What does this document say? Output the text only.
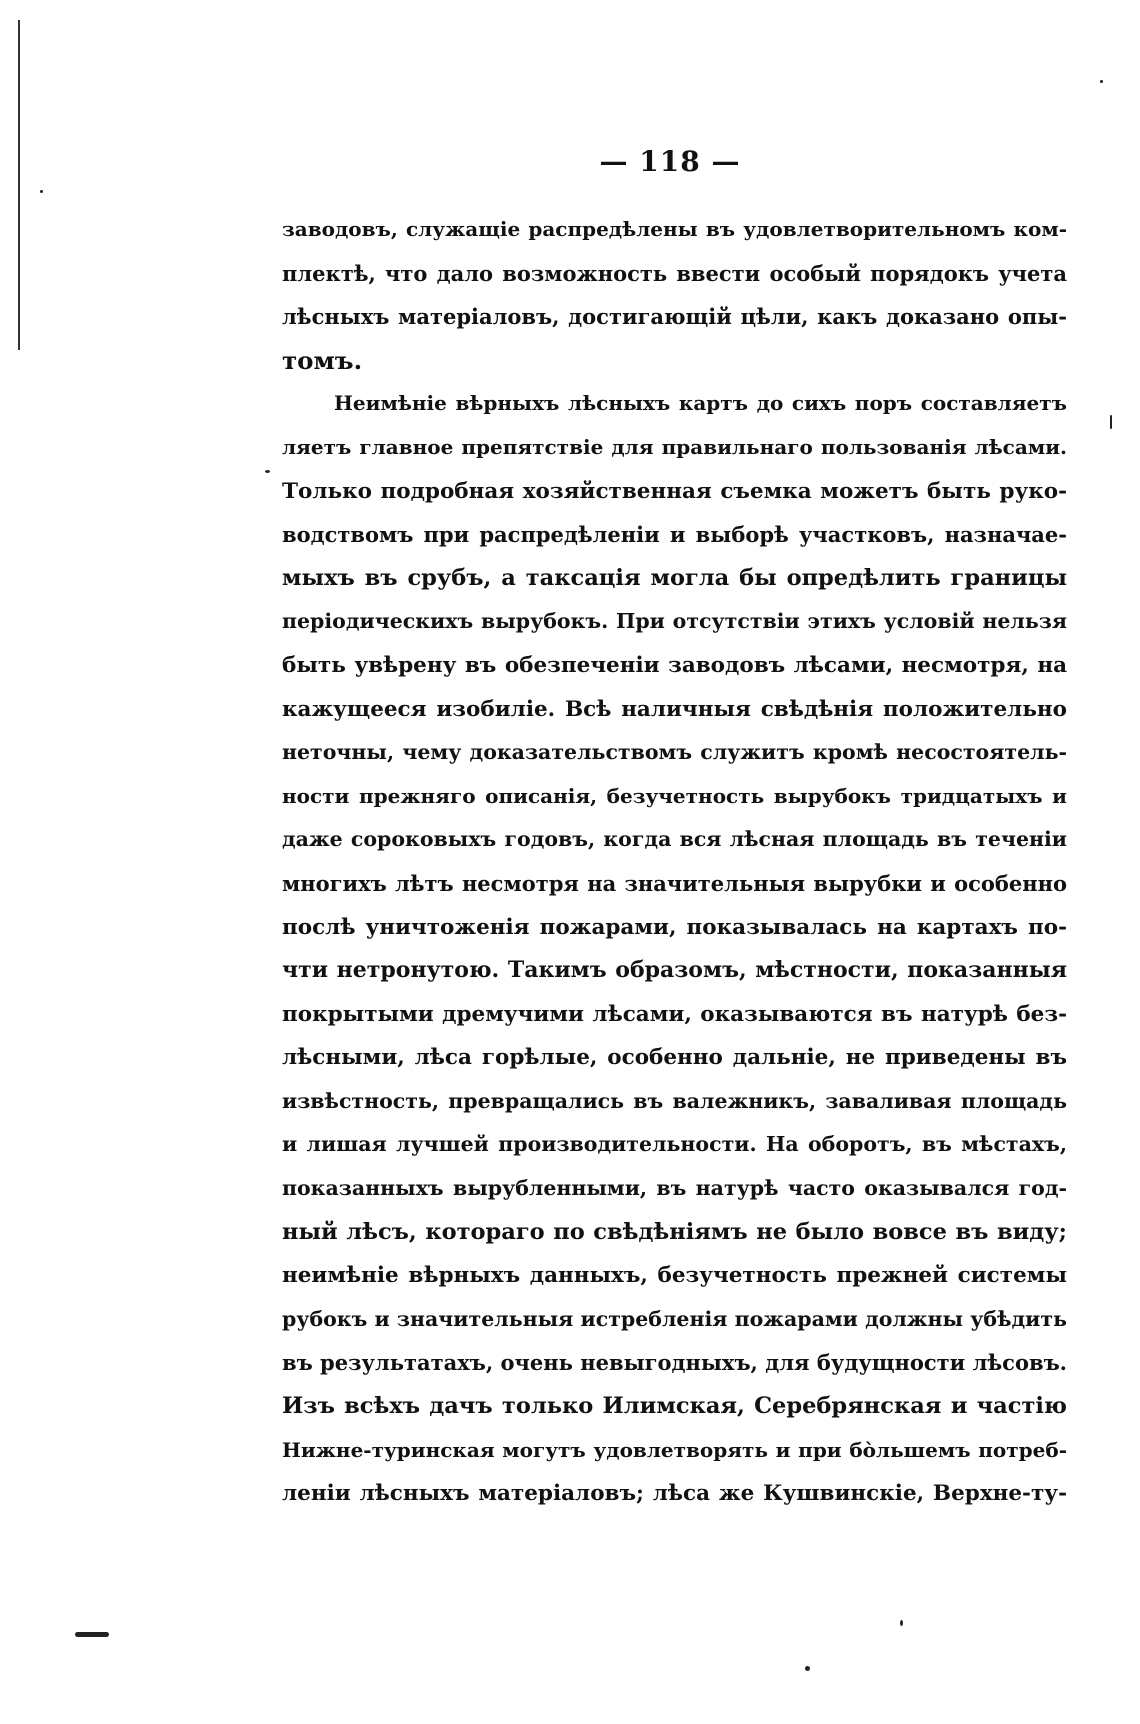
— 118 —
заводовъ, служащіе распредѣлены въ удовлетворительномъ ком-
плектѣ, что дало возможность ввести особый порядокъ учета
лѣсныхъ матеріаловъ, достигающій цѣли, какъ доказано опы-
томъ.
Неимѣніе вѣрныхъ лѣсныхъ картъ до сихъ поръ составляетъ
ляетъ главное препятствіе для правильнаго пользованія лѣсами.
Только подробная хозяйственная съемка можетъ быть руко-
водствомъ при распредѣленіи и выборѣ участковъ, назначае-
мыхъ въ срубъ, а таксація могла бы опредѣлить границы
періодическихъ вырубокъ. При отсутствіи этихъ условій нельзя
быть увѣрену въ обезпеченіи заводовъ лѣсами, несмотря, на
кажущееся изобиліе. Всѣ наличныя свѣдѣнія положительно
неточны, чему доказательствомъ служитъ кромѣ несостоятель-
ности прежняго описанія, безучетность вырубокъ тридцатыхъ и
даже сороковыхъ годовъ, когда вся лѣсная площадь въ теченіи
многихъ лѣтъ несмотря на значительныя вырубки и особенно
послѣ уничтоженія пожарами, показывалась на картахъ по-
чти нетронутою. Такимъ образомъ, мѣстности, показанныя
покрытыми дремучими лѣсами, оказываются въ натурѣ без-
лѣсными, лѣса горѣлые, особенно дальніе, не приведены въ
извѣстность, превращались въ валежникъ, заваливая площадь
и лишая лучшей производительности. На оборотъ, въ мѣстахъ,
показанныхъ вырубленными, въ натурѣ часто оказывался год-
ный лѣсъ, котораго по свѣдѣніямъ не было вовсе въ виду;
неимѣніе вѣрныхъ данныхъ, безучетность прежней системы
рубокъ и значительныя истребленія пожарами должны убѣдить
въ результатахъ, очень невыгодныхъ, для будущности лѣсовъ.
Изъ всѣхъ дачъ только Илимская, Серебрянская и частію
Нижне-туринская могутъ удовлетворять и при бо̀льшемъ потреб-
леніи лѣсныхъ матеріаловъ; лѣса же Кушвинскіе, Верхне-ту-
